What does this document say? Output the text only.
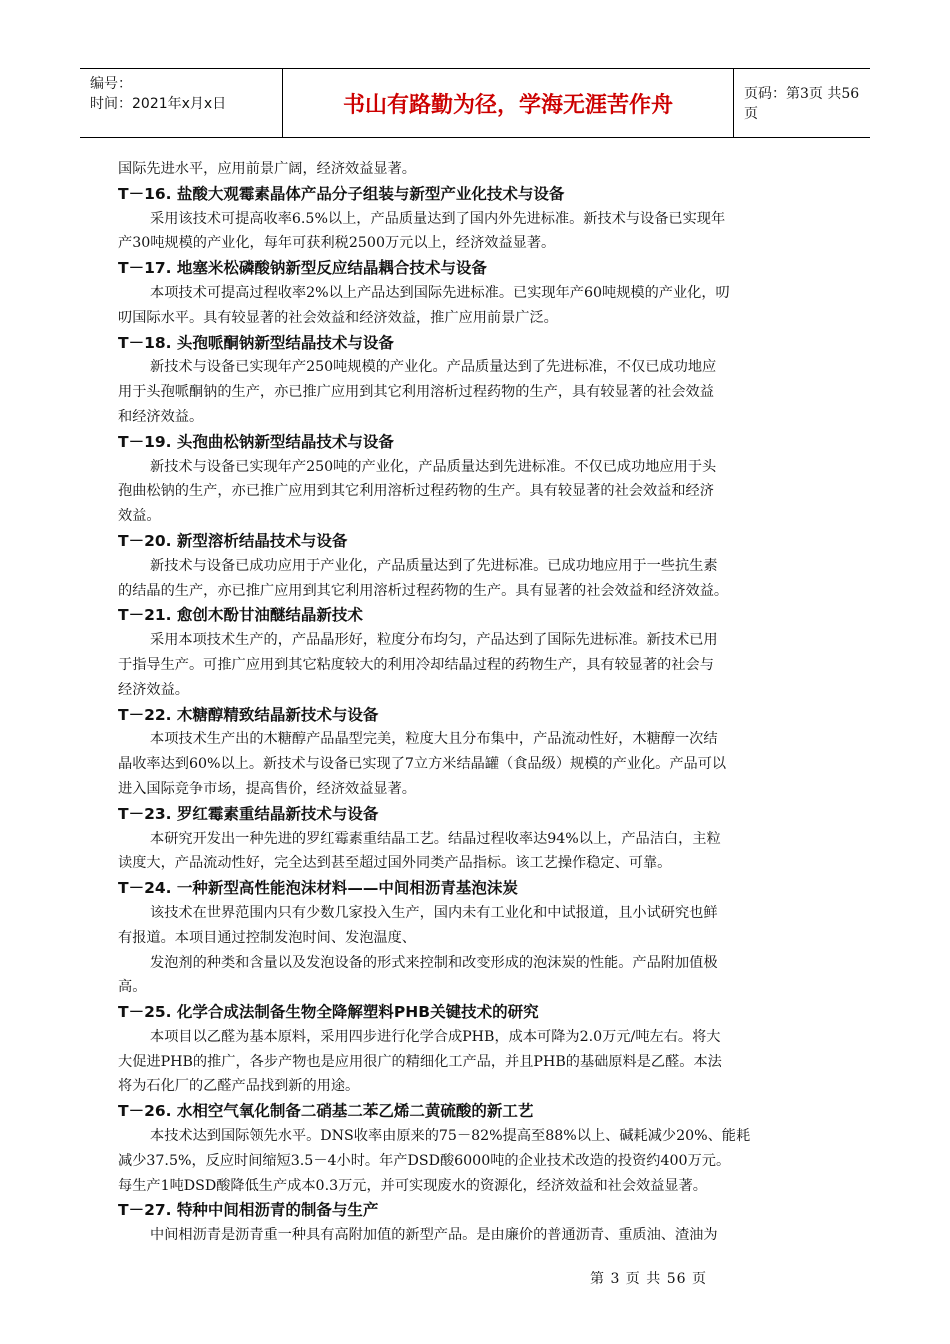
编号：
时间：2021年x月x日	书山有路勤为径，学海无涯苦作舟	页码：第3页 共56页
国际先进水平，应用前景广阔，经济效益显著。
T－16. 盐酸大观霉素晶体产品分子组装与新型产业化技术与设备
采用该技术可提高收率6.5%以上，产品质量达到了国内外先进标准。新技术与设备已实现年
产30吨规模的产业化，每年可获利税2500万元以上，经济效益显著。
T－17. 地塞米松磷酸钠新型反应结晶耦合技术与设备
本项技术可提高过程收率2%以上产品达到国际先进标准。已实现年产60吨规模的产业化，叨
叨国际水平。具有较显著的社会效益和经济效益，推广应用前景广泛。
T－18. 头孢哌酮钠新型结晶技术与设备
新技术与设备已实现年产250吨规模的产业化。产品质量达到了先进标准，不仅已成功地应
用于头孢哌酮钠的生产，亦已推广应用到其它利用溶析过程药物的生产，具有较显著的社会效益
和经济效益。
T－19. 头孢曲松钠新型结晶技术与设备
新技术与设备已实现年产250吨的产业化，产品质量达到先进标准。不仅已成功地应用于头
孢曲松钠的生产，亦已推广应用到其它利用溶析过程药物的生产。具有较显著的社会效益和经济
效益。
T－20. 新型溶析结晶技术与设备
新技术与设备已成功应用于产业化，产品质量达到了先进标准。已成功地应用于一些抗生素
的结晶的生产，亦已推广应用到其它利用溶析过程药物的生产。具有显著的社会效益和经济效益。
T－21. 愈创木酚甘油醚结晶新技术
采用本项技术生产的，产品晶形好，粒度分布均匀，产品达到了国际先进标准。新技术已用
于指导生产。可推广应用到其它粘度较大的利用冷却结晶过程的药物生产，具有较显著的社会与
经济效益。
T－22. 木糖醇精致结晶新技术与设备
本项技术生产出的木糖醇产品晶型完美，粒度大且分布集中，产品流动性好，木糖醇一次结
晶收率达到60%以上。新技术与设备已实现了7立方米结晶罐（食品级）规模的产业化。产品可以
进入国际竞争市场，提高售价，经济效益显著。
T－23. 罗红霉素重结晶新技术与设备
本研究开发出一种先进的罗红霉素重结晶工艺。结晶过程收率达94%以上，产品洁白，主粒
读度大，产品流动性好，完全达到甚至超过国外同类产品指标。该工艺操作稳定、可靠。
T－24. 一种新型高性能泡沫材料——中间相沥青基泡沫炭
该技术在世界范围内只有少数几家投入生产，国内未有工业化和中试报道，且小试研究也鲜
有报道。本项目通过控制发泡时间、发泡温度、
发泡剂的种类和含量以及发泡设备的形式来控制和改变形成的泡沫炭的性能。产品附加值极
高。
T－25. 化学合成法制备生物全降解塑料PHB关键技术的研究
本项目以乙醛为基本原料，采用四步进行化学合成PHB，成本可降为2.0万元/吨左右。将大
大促进PHB的推广，各步产物也是应用很广的精细化工产品，并且PHB的基础原料是乙醛。本法
将为石化厂的乙醛产品找到新的用途。
T－26. 水相空气氧化制备二硝基二苯乙烯二黄硫酸的新工艺
本技术达到国际领先水平。DNS收率由原来的75－82%提高至88%以上、碱耗减少20%、能耗
减少37.5%，反应时间缩短3.5－4小时。年产DSD酸6000吨的企业技术改造的投资约400万元。
每生产1吨DSD酸降低生产成本0.3万元，并可实现废水的资源化，经济效益和社会效益显著。
T－27. 特种中间相沥青的制备与生产
中间相沥青是沥青重一种具有高附加值的新型产品。是由廉价的普通沥青、重质油、渣油为
第 3 页 共 56 页
